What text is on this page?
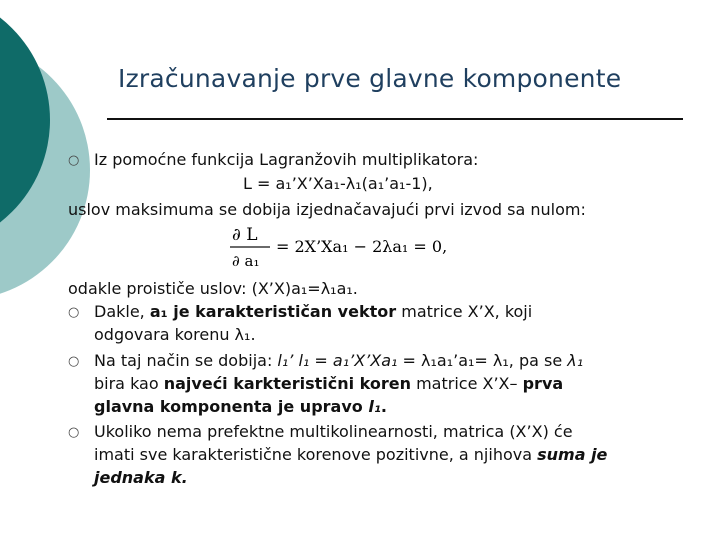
Izračunavanje prve glavne komponente
○ Iz pomoćne funkcija Lagranžovih multiplikatora:
L = a₁’X’Xa₁-λ₁(a₁’a₁-1),
uslov maksimuma se dobija izjednačavajući prvi izvod sa nulom:
∂ L
∂ a₁
= 2X’Xa₁ − 2λa₁ = 0,
odakle proističe uslov: (X’X)a₁=λ₁a₁.
○ Dakle, a₁ je karakterističan vektor matrice X’X, koji
odgovara korenu λ₁.
○ Na taj način se dobija: l₁’ l₁ = a₁’X’Xa₁ = λ₁a₁’a₁= λ₁, pa se λ₁
bira kao najveći karkteristični koren matrice X’X– prva
glavna komponenta je upravo l₁.
○ Ukoliko nema prefektne multikolinearnosti, matrica (X’X) će
imati sve karakteristične korenove pozitivne, a njihova suma je
jednaka k.
